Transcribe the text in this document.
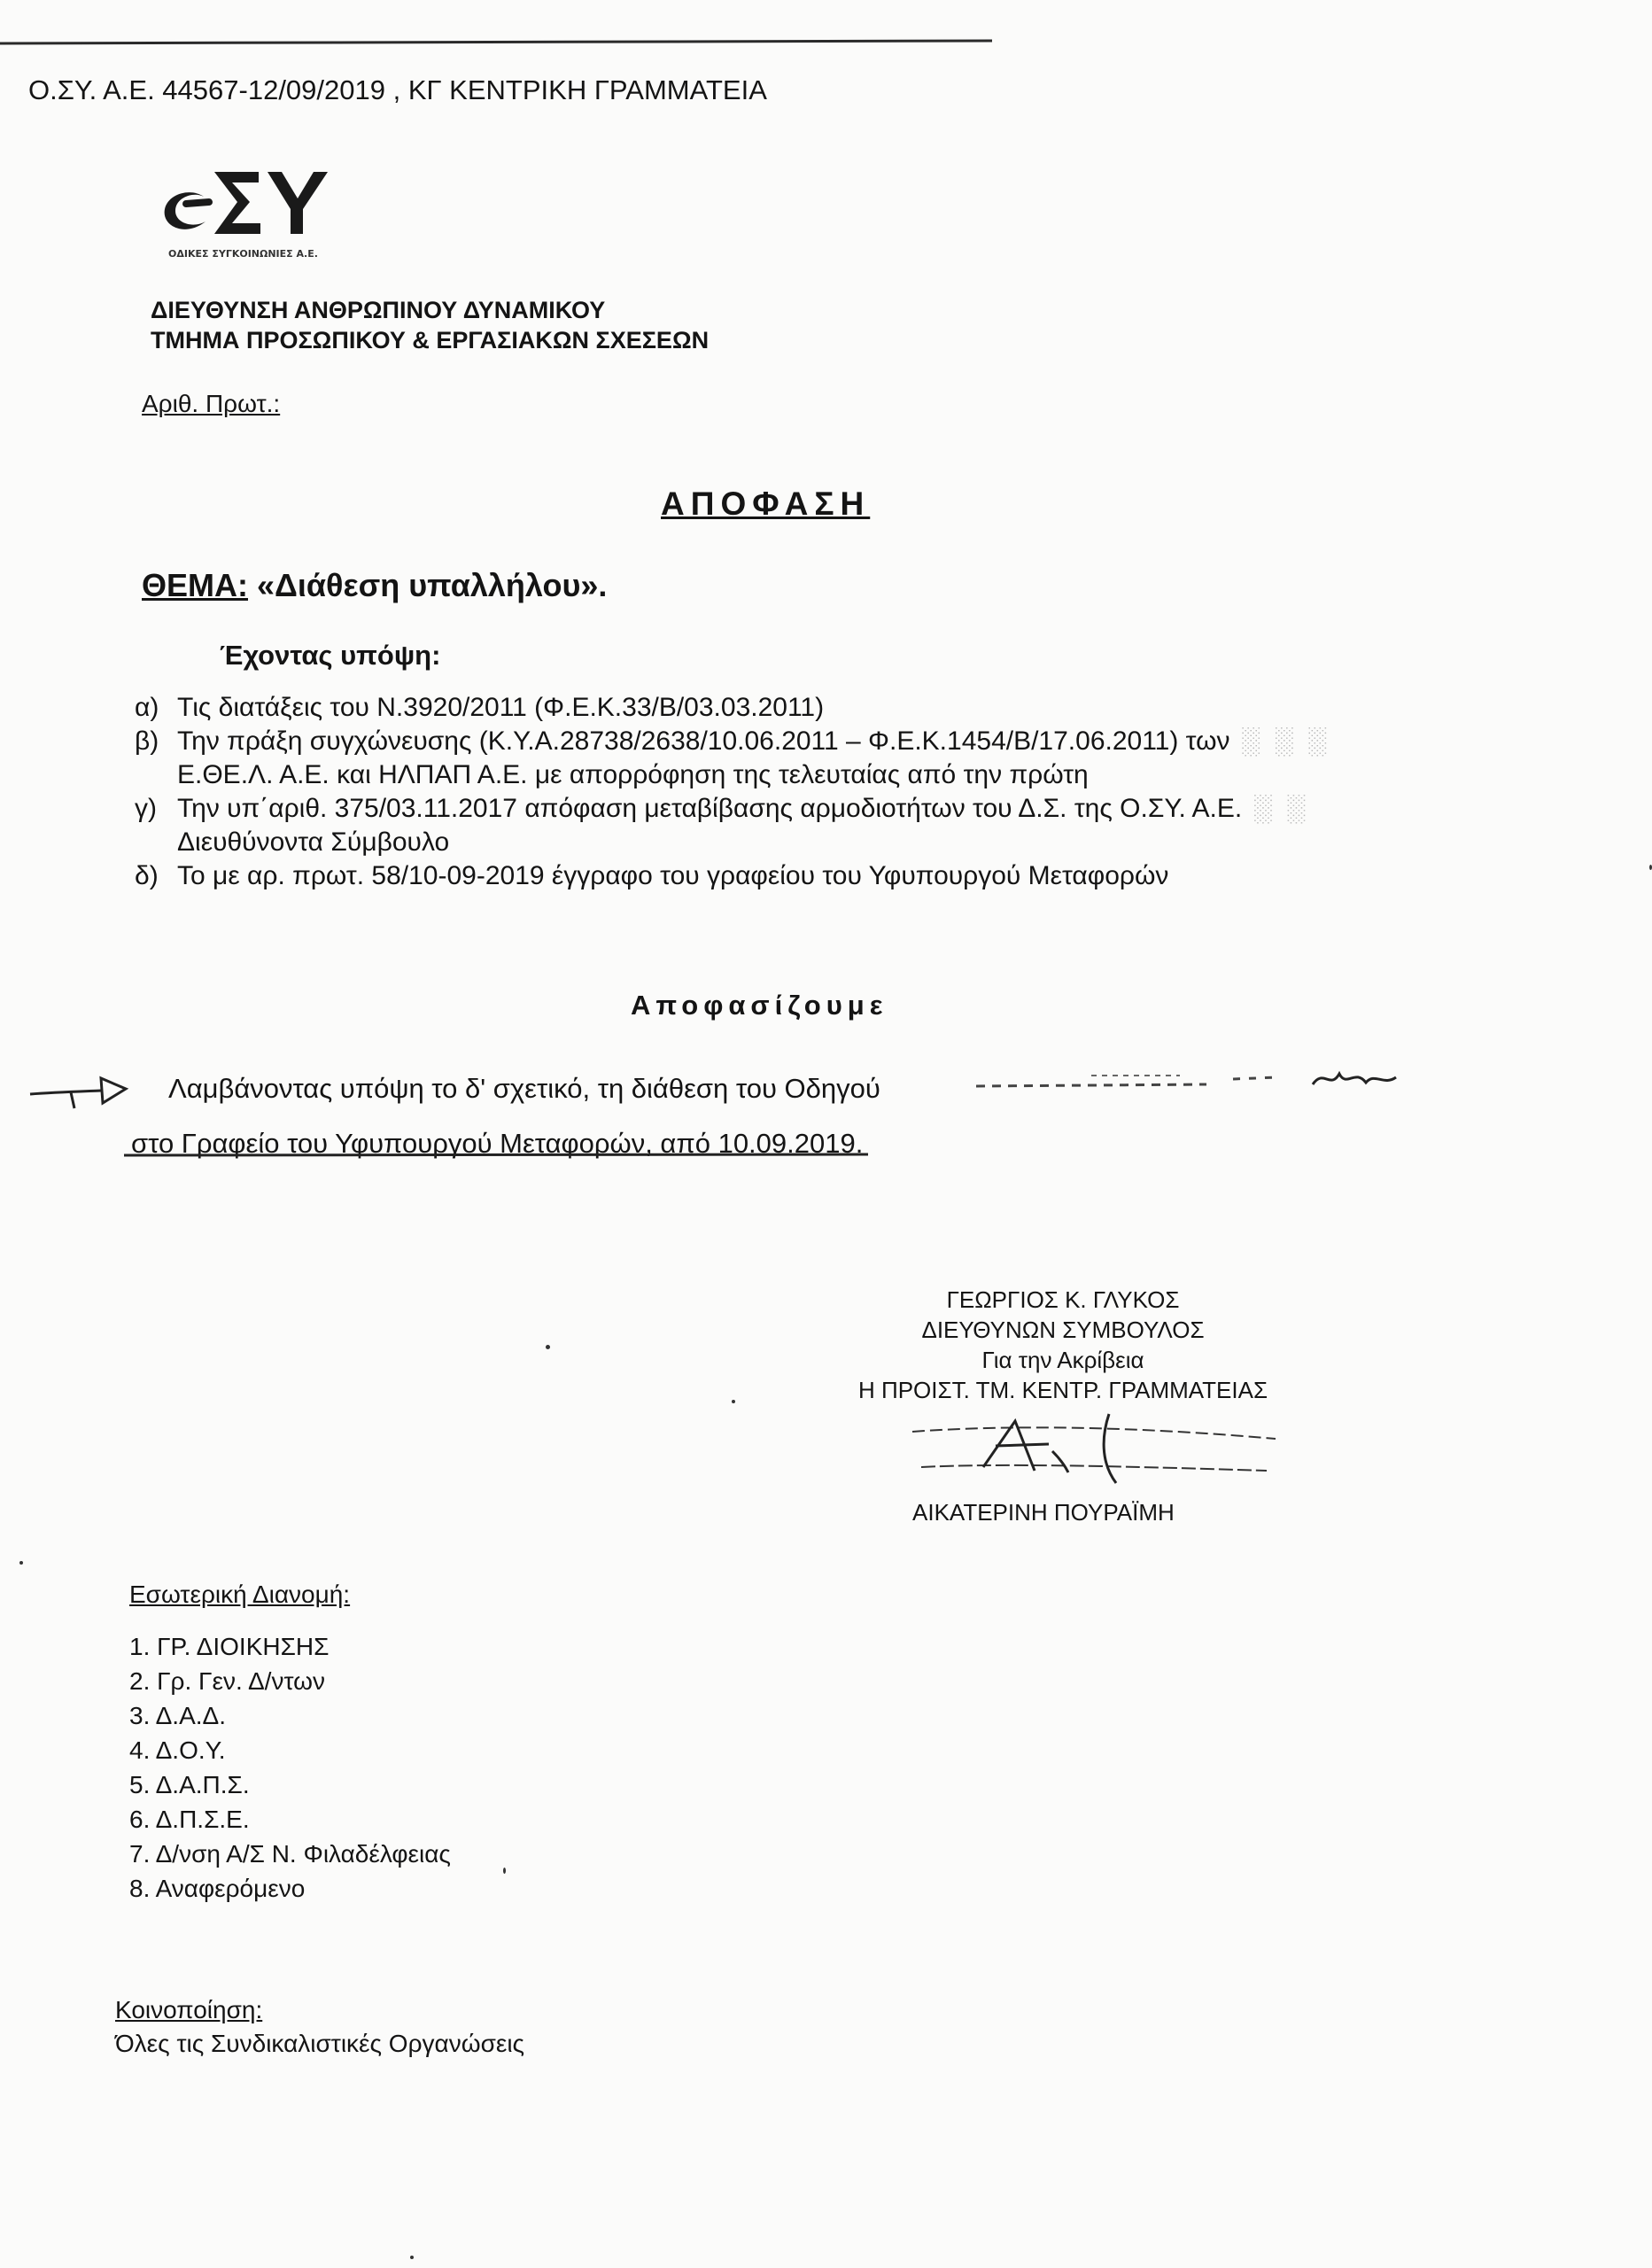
Ο.ΣΥ. Α.Ε. 44567-12/09/2019 , ΚΓ ΚΕΝΤΡΙΚΗ ΓΡΑΜΜΑΤΕΙΑ
ΟΔΙΚΕΣ ΣΥΓΚΟΙΝΩΝΙΕΣ Α.Ε.
ΔΙΕΥΘΥΝΣΗ ΑΝΘΡΩΠΙΝΟΥ ΔΥΝΑΜΙΚΟΥ
ΤΜΗΜΑ ΠΡΟΣΩΠΙΚΟΥ & ΕΡΓΑΣΙΑΚΩΝ ΣΧΕΣΕΩΝ
Αριθ. Πρωτ.:
ΑΠΟΦΑΣΗ
ΘΕΜΑ: «Διάθεση υπαλλήλου».
Έχοντας υπόψη:
α) Τις διατάξεις του Ν.3920/2011 (Φ.Ε.Κ.33/Β/03.03.2011)
β) Την πράξη συγχώνευσης (Κ.Υ.Α.28738/2638/10.06.2011 – Φ.Ε.Κ.1454/Β/17.06.2011) των ░ ░ ░
Ε.ΘΕ.Λ. Α.Ε. και ΗΛΠΑΠ Α.Ε. με απορρόφηση της τελευταίας από την πρώτη
γ) Την υπ΄αριθ. 375/03.11.2017 απόφαση μεταβίβασης αρμοδιοτήτων του Δ.Σ. της Ο.ΣΥ. Α.Ε. ░ ░
Διευθύνοντα Σύμβουλο
δ) Το με αρ. πρωτ. 58/10-09-2019 έγγραφο του γραφείου του Υφυπουργού Μεταφορών
Αποφασίζουμε
Λαμβάνοντας υπόψη το δ' σχετικό, τη διάθεση του Οδηγού
στο Γραφείο του Υφυπουργού Μεταφορών, από 10.09.2019.
ΓΕΩΡΓΙΟΣ Κ. ΓΛΥΚΟΣ
ΔΙΕΥΘΥΝΩΝ ΣΥΜΒΟΥΛΟΣ
Για την Ακρίβεια
Η ΠΡΟΙΣΤ. ΤΜ. ΚΕΝΤΡ. ΓΡΑΜΜΑΤΕΙΑΣ
ΑΙΚΑΤΕΡΙΝΗ ΠΟΥΡΑΪΜΗ
Εσωτερική Διανομή:
1. ΓΡ. ΔΙΟΙΚΗΣΗΣ
2. Γρ. Γεν. Δ/ντων
3. Δ.Α.Δ.
4. Δ.Ο.Υ.
5. Δ.Α.Π.Σ.
6. Δ.Π.Σ.Ε.
7. Δ/νση Α/Σ Ν. Φιλαδέλφειας
8. Αναφερόμενο
Κοινοποίηση:
Όλες τις Συνδικαλιστικές Οργανώσεις
